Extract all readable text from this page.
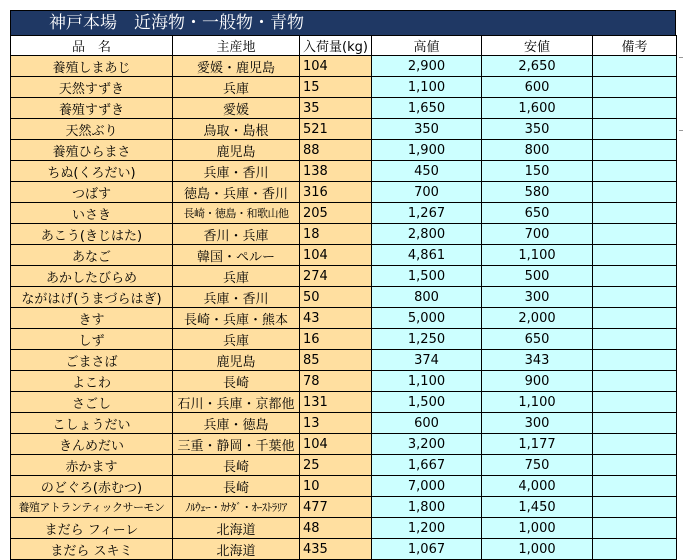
神戸本場　近海物・一般物・青物
品　名	主産地	入荷量(kg)	高値	安値	備考
養殖しまあじ	愛媛・鹿児島	104	2,900	2,650	
天然すずき	兵庫	15	1,100	600	
養殖すずき	愛媛	35	1,650	1,600	
天然ぶり	鳥取・島根	521	350	350	
養殖ひらまさ	鹿児島	88	1,900	800	
ちぬ(くろだい)	兵庫・香川	138	450	150	
つばす	徳島・兵庫・香川	316	700	580	
いさき	長崎・徳島・和歌山他	205	1,267	650	
あこう(きじはた)	香川・兵庫	18	2,800	700	
あなご	韓国・ペルー	104	4,861	1,100	
あかしたびらめ	兵庫	274	1,500	500	
ながはげ(うまづらはぎ)	兵庫・香川	50	800	300	
きす	長崎・兵庫・熊本	43	5,000	2,000	
しず	兵庫	16	1,250	650	
ごまさば	鹿児島	85	374	343	
よこわ	長崎	78	1,100	900	
さごし	石川・兵庫・京都他	131	1,500	1,100	
こしょうだい	兵庫・徳島	13	600	300	
きんめだい	三重・静岡・千葉他	104	3,200	1,177	
赤かます	長崎	25	1,667	750	
のどぐろ(赤むつ)	長崎	10	7,000	4,000	
養殖アトランティックサーモン	ﾉﾙｳｪｰ・ｶﾅﾀﾞ・ｵｰｽﾄﾗﾘｱ	477	1,800	1,450	
まだら フィーレ	北海道	48	1,200	1,000	
まだら スキミ	北海道	435	1,067	1,000	
